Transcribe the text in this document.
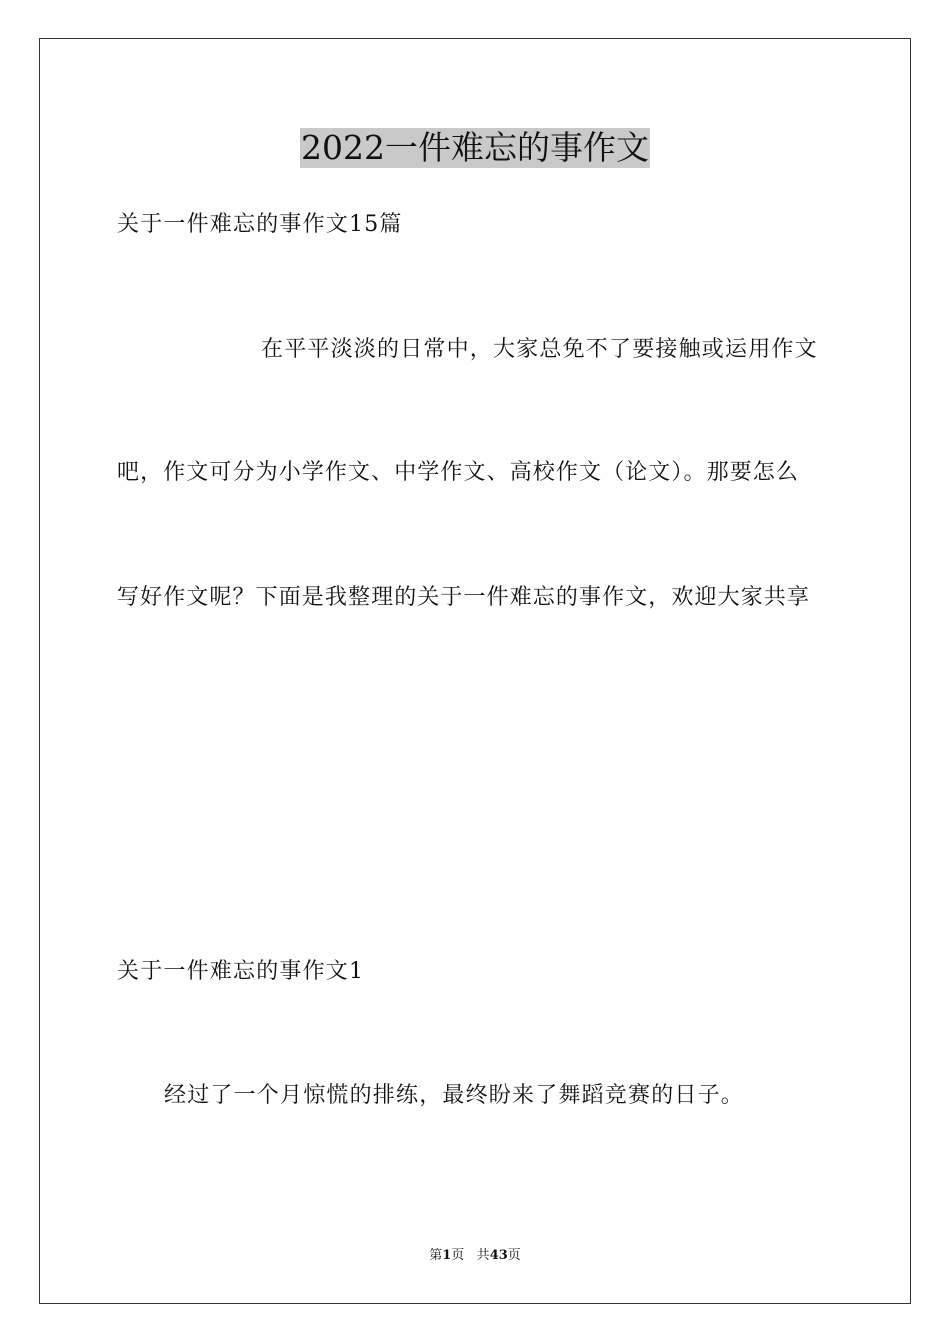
2022一件难忘的事作文
关于一件难忘的事作文15篇
在平平淡淡的日常中，大家总免不了要接触或运用作文
吧，作文可分为小学作文、中学作文、高校作文（论文）。那要怎么
写好作文呢？下面是我整理的关于一件难忘的事作文，欢迎大家共享
关于一件难忘的事作文1
经过了一个月惊慌的排练，最终盼来了舞蹈竞赛的日子。
第1页 共43页
